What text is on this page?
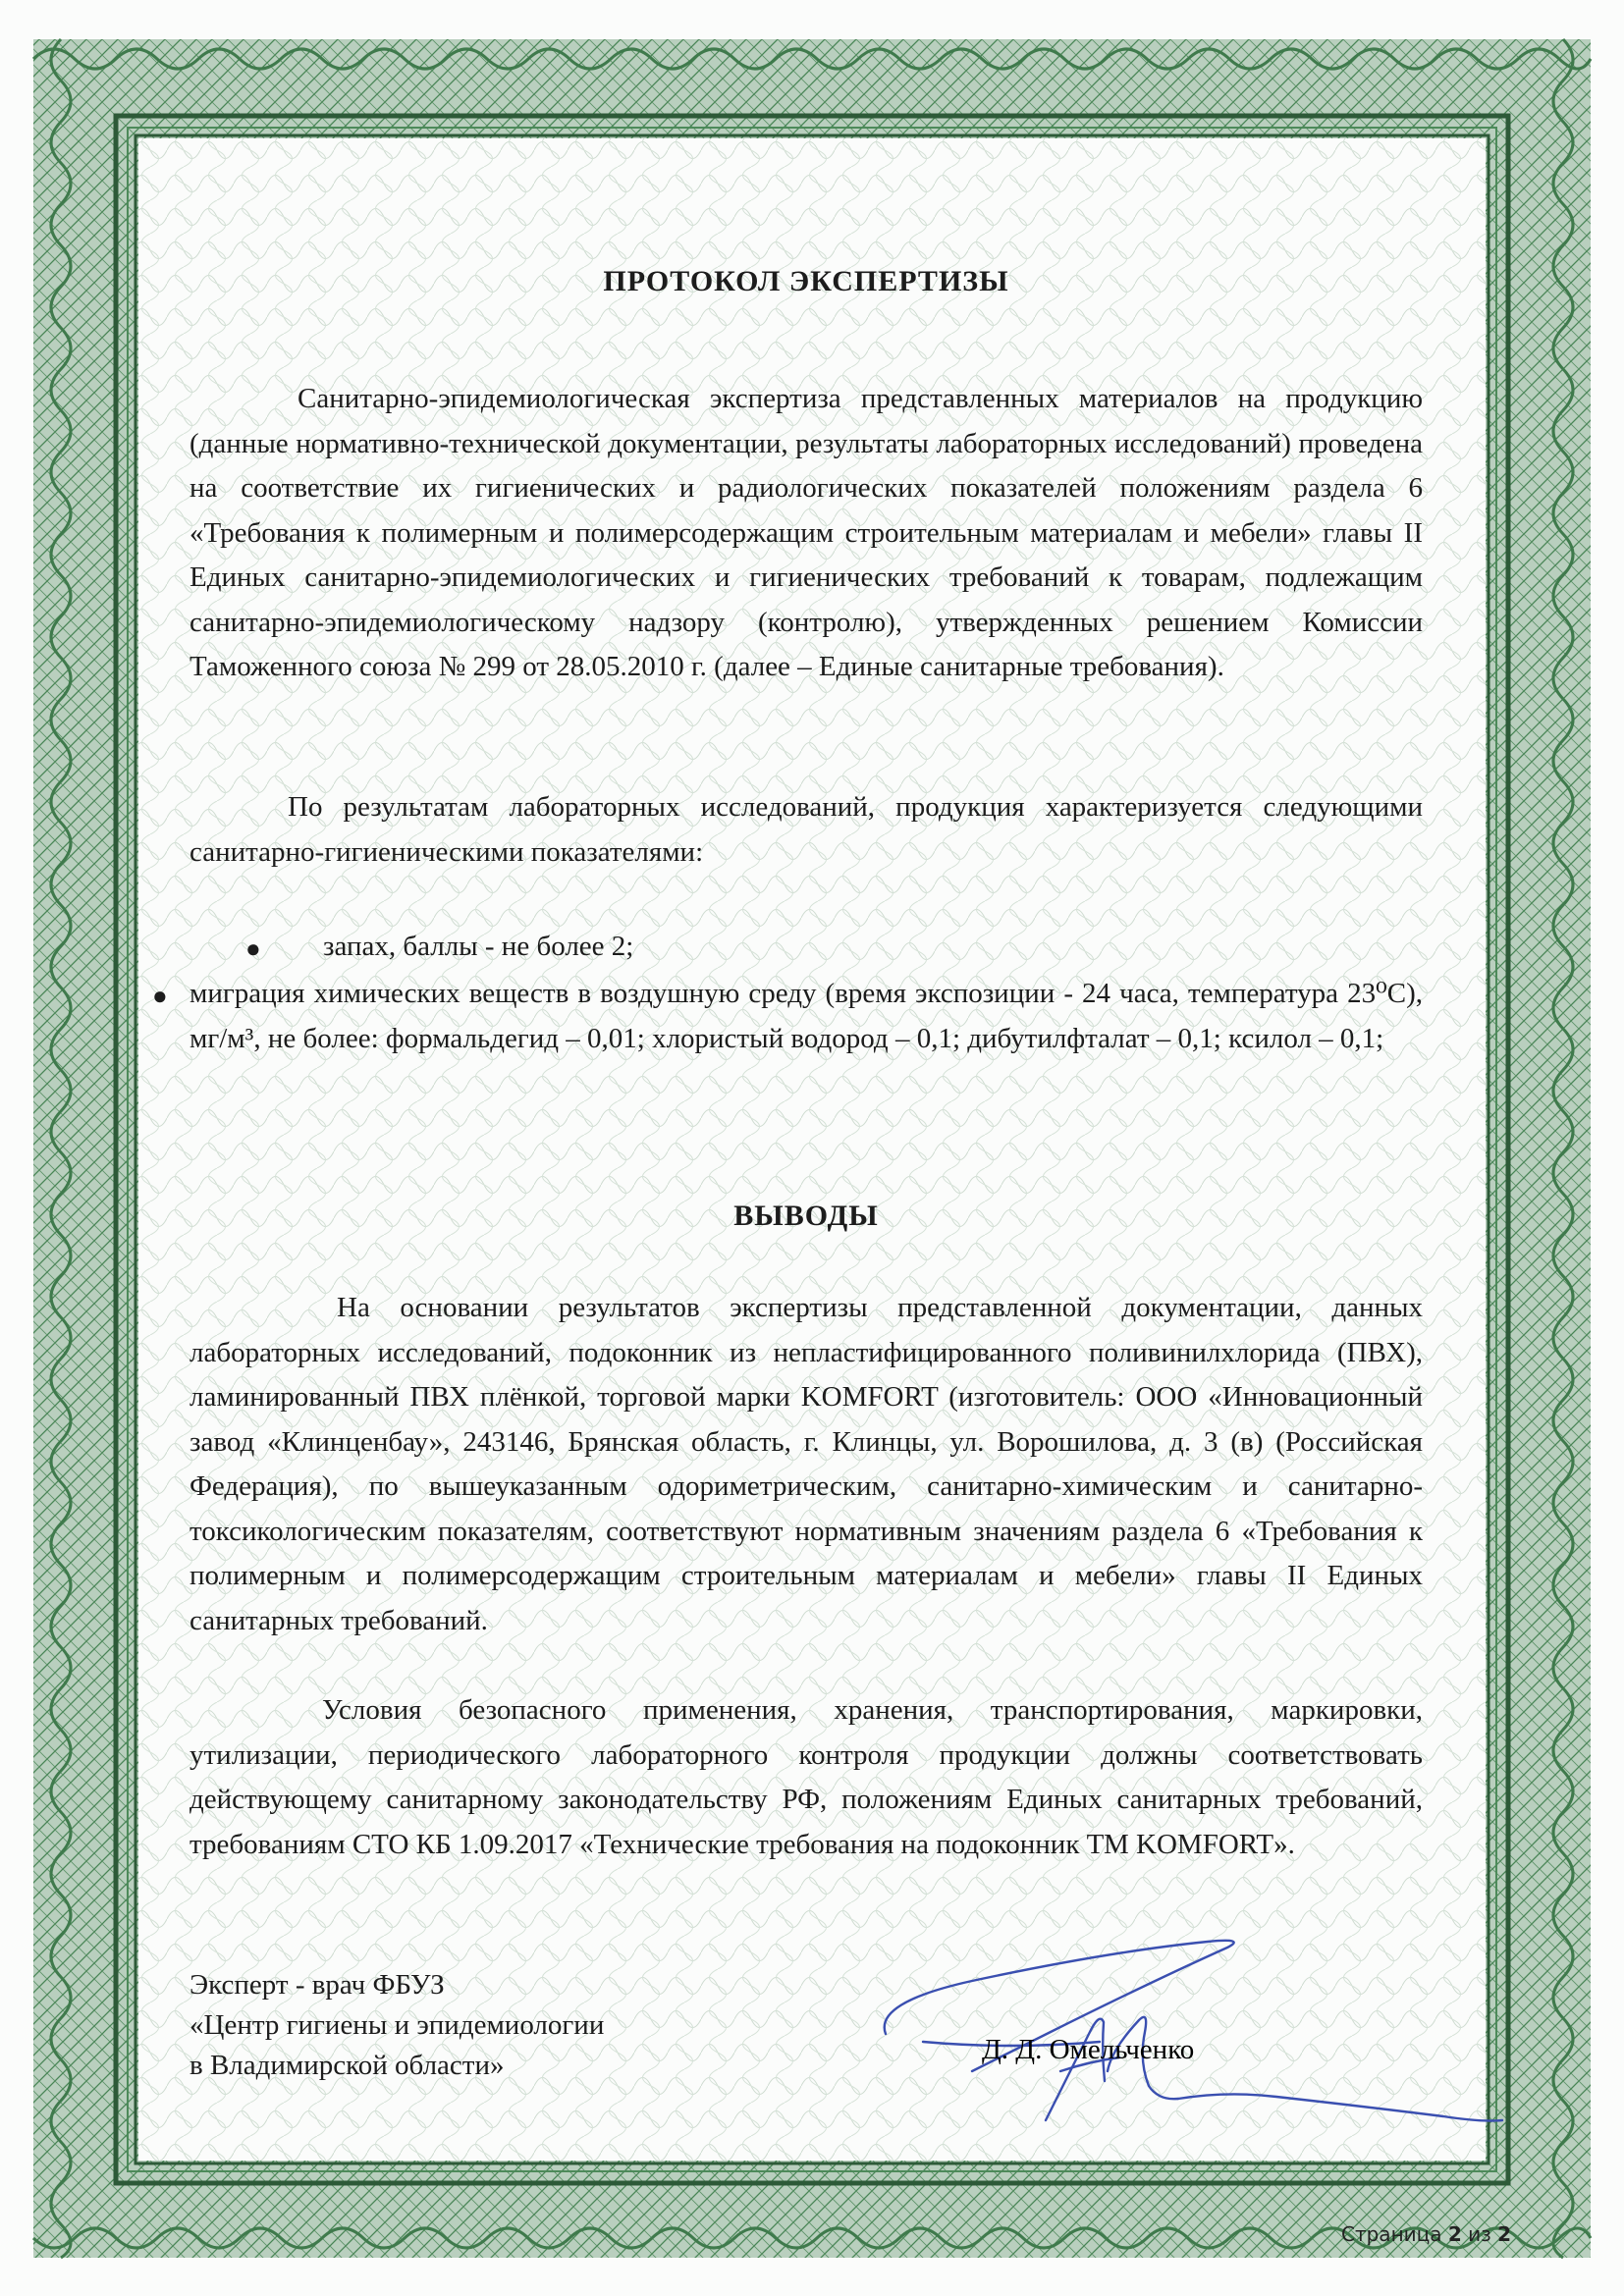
ПРОТОКОЛ ЭКСПЕРТИЗЫ
Санитарно-эпидемиологическая экспертиза представленных материалов на продукцию (данные нормативно-технической документации, результаты лабораторных исследований) проведена на соответствие их гигиенических и радиологических показателей положениям раздела 6 «Требования к полимерным и полимерсодержащим строительным материалам и мебели» главы II Единых санитарно-эпидемиологических и гигиенических требований к товарам, подлежащим санитарно-эпидемиологическому надзору (контролю), утвержденных решением Комиссии Таможенного союза № 299 от 28.05.2010 г. (далее – Единые санитарные требования).
По результатам лабораторных исследований, продукция характеризуется следующими санитарно-гигиеническими показателями:
● запах, баллы - не более 2;
● миграция химических веществ в воздушную среду (время экспозиции - 24 часа, температура 23⁰С), мг/м³, не более: формальдегид – 0,01; хлористый водород – 0,1; дибутилфталат – 0,1; ксилол – 0,1;
ВЫВОДЫ
На основании результатов экспертизы представленной документации, данных лабораторных исследований, подоконник из непластифицированного поливинилхлорида (ПВХ), ламинированный ПВХ плёнкой, торговой марки KOMFORT (изготовитель: ООО «Инновационный завод «Клинценбау», 243146, Брянская область, г. Клинцы, ул. Ворошилова, д. 3 (в) (Российская Федерация), по вышеуказанным одориметрическим, санитарно-химическим и санитарно-токсикологическим показателям, соответствуют нормативным значениям раздела 6 «Требования к полимерным и полимерсодержащим строительным материалам и мебели» главы II Единых санитарных требований.
Условия безопасного применения, хранения, транспортирования, маркировки, утилизации, периодического лабораторного контроля продукции должны соответствовать действующему санитарному законодательству РФ, положениям Единых санитарных требований, требованиям СТО КБ 1.09.2017 «Технические требования на подоконник ТМ KOMFORT».
Эксперт - врач ФБУЗ
«Центр гигиены и эпидемиологии
в Владимирской области»	Д. Д. Омельченко
Страница 2 из 2
